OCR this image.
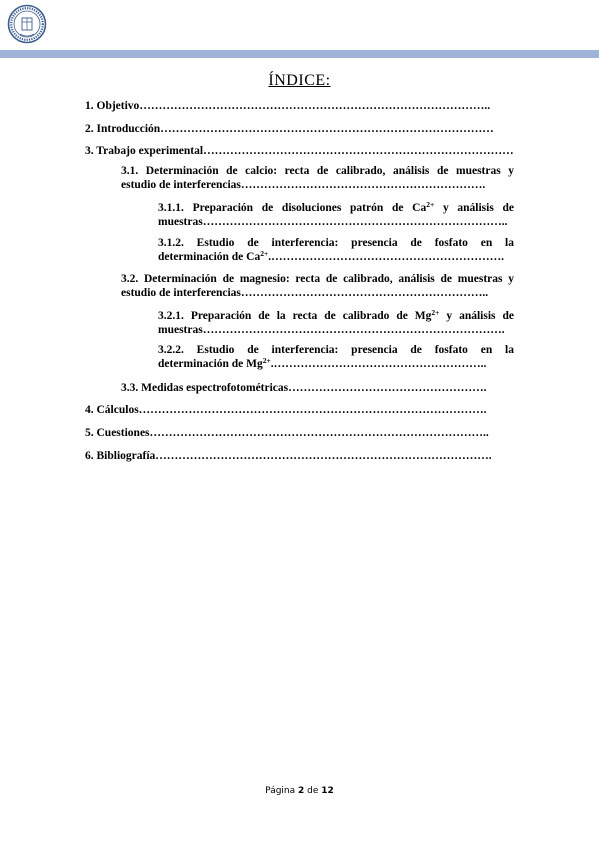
ÍNDICE:
1. Objetivo………………………………………………………………………………..
2. Introducción……………………………………………………………………………
3. Trabajo experimental………………………………………………………………………
3.1. Determinación de calcio: recta de calibrado, análisis de muestras y
estudio de interferencias……………………………………………………….
3.1.1. Preparación de disoluciones patrón de $Ca^{2+}$ y análisis de
muestras……………………………………………………………………..
3.1.2. Estudio de interferencia: presencia de fosfato en la
determinación de $Ca^{2+}.\dots\dots\dots\dots\dots\dots\dots\dots\dots\dots\dots\dots\dots\dots\dots\dots\dots\dots\dots\dots$.
3.2. Determinación de magnesio: recta de calibrado, análisis de muestras y
estudio de interferencias………………………………………………………..
3.2.1. Preparación de la recta de calibrado de $Mg^{2+}$ y análisis de
muestras…………………………………………………………………….
3.2.2. Estudio de interferencia: presencia de fosfato en la
determinación de $Mg^{2+}.\dots\dots\dots\dots\dots\dots\dots\dots\dots\dots\dots\dots\dots\dots\dots\dots\dots\dots$..
3.3. Medidas espectrofotométricas…………………………………………….
4. Cálculos……………………………………………………………………………….
5. Cuestiones……………………………………………………………………………..
6. Bibliografía…………………………………………………………………………….
Página 2 de 12
